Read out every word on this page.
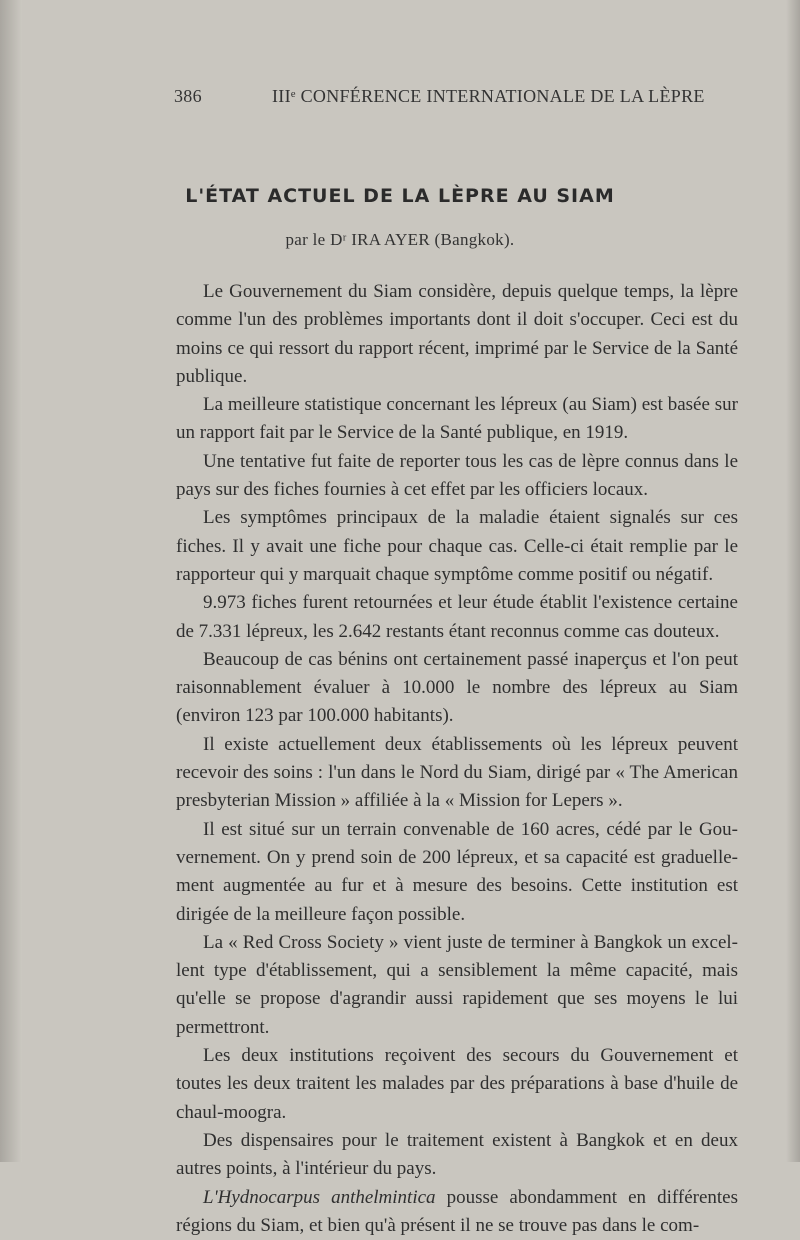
386	IIIᵉ CONFÉRENCE INTERNATIONALE DE LA LÈPRE
L'ÉTAT ACTUEL DE LA LÈPRE AU SIAM
par le Dʳ IRA AYER (Bangkok).

Le Gouvernement du Siam considère, depuis quelque temps, la lèpre comme l'un des problèmes importants dont il doit s'occuper. Ceci est du moins ce qui ressort du rapport récent, imprimé par le Service de la Santé publique.

La meilleure statistique concernant les lépreux (au Siam) est basée sur un rapport fait par le Service de la Santé publique, en 1919.

Une tentative fut faite de reporter tous les cas de lèpre connus dans le pays sur des fiches fournies à cet effet par les officiers locaux.

Les symptômes principaux de la maladie étaient signalés sur ces fiches. Il y avait une fiche pour chaque cas. Celle-ci était remplie par le rapporteur qui y marquait chaque symptôme comme positif ou négatif.

9.973 fiches furent retournées et leur étude établit l'existence certaine de 7.331 lépreux, les 2.642 restants étant reconnus comme cas douteux.

Beaucoup de cas bénins ont certainement passé inaperçus et l'on peut raisonnablement évaluer à 10.000 le nombre des lépreux au Siam (environ 123 par 100.000 habitants).

Il existe actuellement deux établissements où les lépreux peuvent recevoir des soins : l'un dans le Nord du Siam, dirigé par « The American presbyterian Mission » affiliée à la « Mission for Lepers ».

Il est situé sur un terrain convenable de 160 acres, cédé par le Gou-vernement. On y prend soin de 200 lépreux, et sa capacité est graduelle-ment augmentée au fur et à mesure des besoins. Cette institution est dirigée de la meilleure façon possible.

La « Red Cross Society » vient juste de terminer à Bangkok un excel-lent type d'établissement, qui a sensiblement la même capacité, mais qu'elle se propose d'agrandir aussi rapidement que ses moyens le lui permettront.

Les deux institutions reçoivent des secours du Gouvernement et toutes les deux traitent les malades par des préparations à base d'huile de chaul-moogra.

Des dispensaires pour le traitement existent à Bangkok et en deux autres points, à l'intérieur du pays.

L'Hydnocarpus anthelmintica pousse abondamment en différentes régions du Siam, et bien qu'à présent il ne se trouve pas dans le com-
